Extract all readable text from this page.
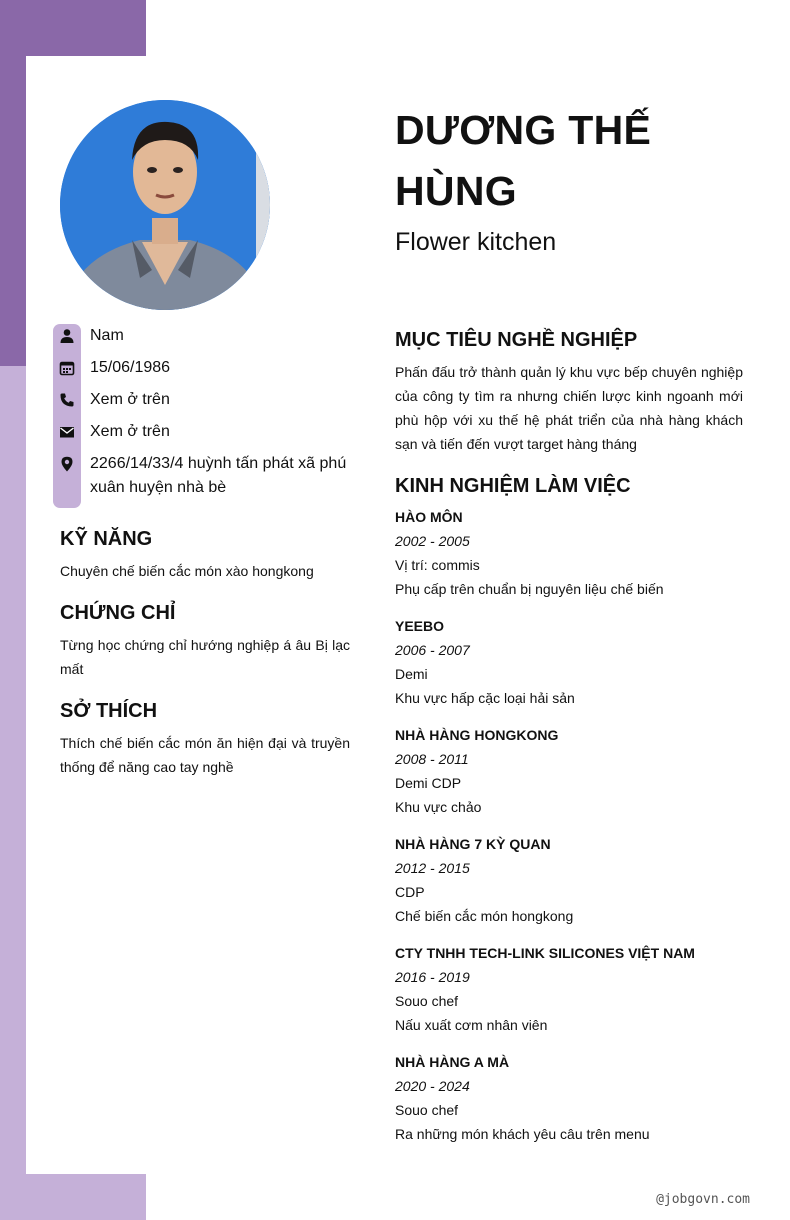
DƯƠNG THẾ HÙNG
Flower kitchen
Nam
15/06/1986
Xem ở trên
Xem ở trên
2266/14/33/4 huỳnh tấn phát xã phú xuân huyện nhà bè
KỸ NĂNG
Chuyên chế biến cắc món xào hongkong
CHỨNG CHỈ
Từng học chứng chỉ hướng nghiệp á âu Bị lạc mất
SỞ THÍCH
Thích chế biến cắc món ăn hiện đại và truyền thống để năng cao tay nghề
MỤC TIÊU NGHỀ NGHIỆP
Phấn đấu trở thành quản lý khu vực bếp chuyên nghiệp của công ty tìm ra nhưng chiến lược kinh ngoanh mới phù hộp với xu thế hệ phát triển của nhà hàng khách sạn và tiến đến vượt target hàng tháng
KINH NGHIỆM LÀM VIỆC
HÀO MÔN
2002 - 2005
Vị trí: commis
Phụ cấp trên chuẩn bị nguyên liệu chế biến
YEEBO
2006 - 2007
Demi
Khu vực hấp cặc loại hải sản
NHÀ HÀNG HONGKONG
2008 - 2011
Demi CDP
Khu vực chảo
NHÀ HÀNG 7 KỲ QUAN
2012 - 2015
CDP
Chế biến cắc món hongkong
CTY TNHH TECH-LINK SILICONES VIỆT NAM
2016 - 2019
Souo chef
Nấu xuất cơm nhân viên
NHÀ HÀNG A MÀ
2020 - 2024
Souo chef
Ra những món khách yêu câu trên menu
@jobgovn.com
